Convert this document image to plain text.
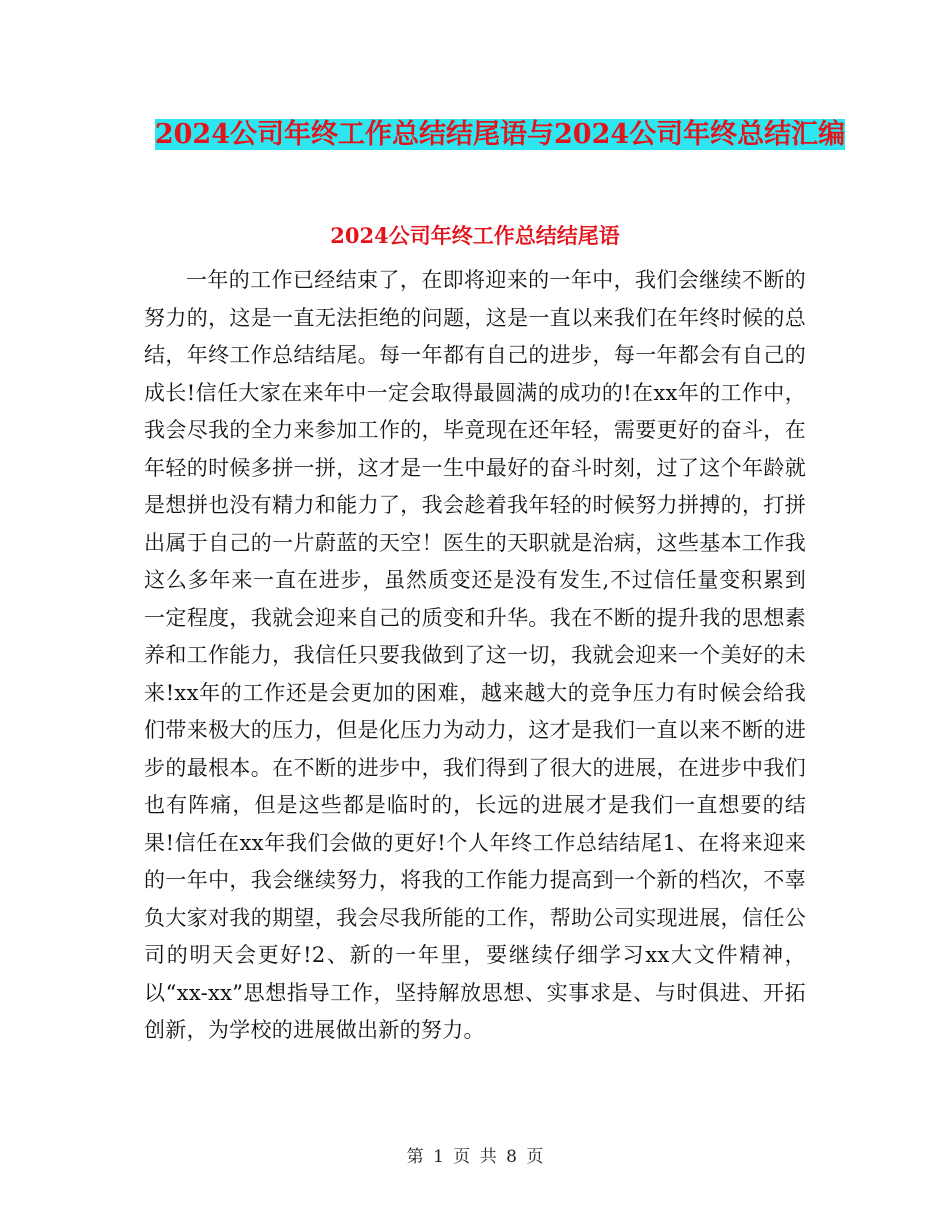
2024公司年终工作总结结尾语与2024公司年终总结汇编
2024公司年终工作总结结尾语

一年的工作已经结束了，在即将迎来的一年中，我们会继续不断的努力的，这是一直无法拒绝的问题，这是一直以来我们在年终时候的总结，年终工作总结结尾。每一年都有自己的进步，每一年都会有自己的成长!信任大家在来年中一定会取得最圆满的成功的!在xx年的工作中，我会尽我的全力来参加工作的，毕竟现在还年轻，需要更好的奋斗，在年轻的时候多拼一拼，这才是一生中最好的奋斗时刻，过了这个年龄就是想拼也没有精力和能力了，我会趁着我年轻的时候努力拼搏的，打拼出属于自己的一片蔚蓝的天空！医生的天职就是治病，这些基本工作我这么多年来一直在进步，虽然质变还是没有发生,不过信任量变积累到一定程度，我就会迎来自己的质变和升华。我在不断的提升我的思想素养和工作能力，我信任只要我做到了这一切，我就会迎来一个美好的未来!xx年的工作还是会更加的困难，越来越大的竞争压力有时候会给我们带来极大的压力，但是化压力为动力，这才是我们一直以来不断的进步的最根本。在不断的进步中，我们得到了很大的进展，在进步中我们也有阵痛，但是这些都是临时的，长远的进展才是我们一直想要的结果!信任在xx年我们会做的更好!个人年终工作总结结尾1、在将来迎来的一年中，我会继续努力，将我的工作能力提高到一个新的档次，不辜负大家对我的期望，我会尽我所能的工作，帮助公司实现进展，信任公司的明天会更好!2、新的一年里，要继续仔细学习xx大文件精神，以“xx-xx”思想指导工作，坚持解放思想、实事求是、与时俱进、开拓创新，为学校的进展做出新的努力。

第 1 页 共 8 页
